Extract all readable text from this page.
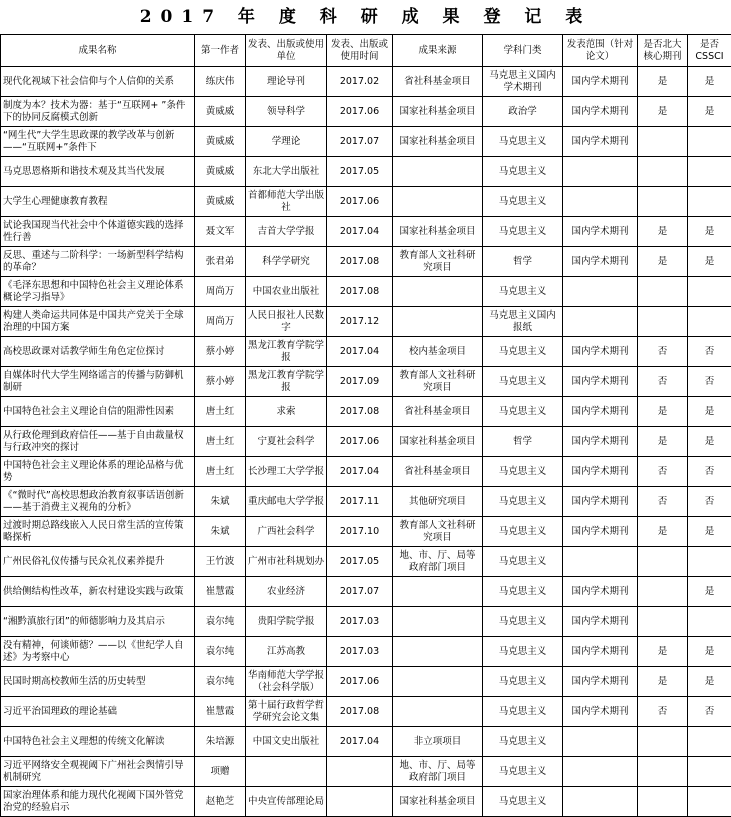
2017 年 度 科 研 成 果 登 记 表
成果名称	第一作者	发表、出版或使用单位	发表、出版或使用时间	成果来源	学科门类	发表范围（针对论文）	是否北大核心期刊	是否CSSCI
现代化视域下社会信仰与个人信仰的关系	练庆伟	理论导刊	2017.02	省社科基金项目	马克思主义国内学术期刊	国内学术期刊	是	是
制度为本？技术为器：基于“互联网+ ”条件下的协同反腐模式创新	黄威威	领导科学	2017.06	国家社科基金项目	政治学	国内学术期刊	是	是
“网生代”大学生思政课的教学改革与创新——“互联网+”条件下	黄威威	学理论	2017.07	国家社科基金项目	马克思主义	国内学术期刊		
马克思恩格斯和谐技术观及其当代发展	黄威威	东北大学出版社	2017.05		马克思主义			
大学生心理健康教育教程	黄威威	首都师范大学出版社	2017.06		马克思主义			
试论我国现当代社会中个体道德实践的选择性行善	聂文军	吉首大学学报	2017.04	国家社科基金项目	马克思主义	国内学术期刊	是	是
反思、重述与二阶科学：一场新型科学结构的革命？	张君弟	科学学研究	2017.08	教育部人文社科研究项目	哲学	国内学术期刊	是	是
《毛泽东思想和中国特色社会主义理论体系概论学习指导》	周尚万	中国农业出版社	2017.08		马克思主义			
构建人类命运共同体是中国共产党关于全球治理的中国方案	周尚万	人民日报社人民数字	2017.12		马克思主义国内报纸			
高校思政课对话教学师生角色定位探讨	蔡小婷	黑龙江教育学院学报	2017.04	校内基金项目	马克思主义	国内学术期刊	否	否
自媒体时代大学生网络谣言的传播与防御机制研	蔡小婷	黑龙江教育学院学报	2017.09	教育部人文社科研究项目	马克思主义	国内学术期刊	否	否
中国特色社会主义理论自信的阻滞性因素	唐土红	求索	2017.08	省社科基金项目	马克思主义	国内学术期刊	是	是
从行政伦理到政府信任——基于自由裁量权与行政冲突的探讨	唐土红	宁夏社会科学	2017.06	国家社科基金项目	哲学	国内学术期刊	是	是
中国特色社会主义理论体系的理论品格与优势	唐土红	长沙理工大学学报	2017.04	省社科基金项目	马克思主义	国内学术期刊	否	否
《“微时代”高校思想政治教育叙事话语创新——基于消费主义视角的分析》	朱斌	重庆邮电大学学报	2017.11	其他研究项目	马克思主义	国内学术期刊	否	否
过渡时期总路线嵌入人民日常生活的宣传策略探析	朱斌	广西社会科学	2017.10	教育部人文社科研究项目	马克思主义	国内学术期刊	是	是
广州民俗礼仪传播与民众礼仪素养提升	王竹波	广州市社科规划办	2017.05	地、市、厅、局等政府部门项目	马克思主义			
供给侧结构性改革，新农村建设实践与政策	崔慧霞	农业经济	2017.07		马克思主义	国内学术期刊		是
“湘黔滇旅行团”的师德影响力及其启示	袁尔纯	贵阳学院学报	2017.03		马克思主义	国内学术期刊		
没有精神，何谈师德？——以《世纪学人自述》为考察中心	袁尔纯	江苏高教	2017.03		马克思主义	国内学术期刊	是	是
民国时期高校教师生活的历史转型	袁尔纯	华南师范大学学报（社会科学版）	2017.06		马克思主义	国内学术期刊	是	是
习近平治国理政的理论基础	崔慧霞	第十届行政哲学哲学研究会论文集	2017.08		马克思主义	国内学术期刊	否	否
中国特色社会主义理想的传统文化解读	朱培源	中国文史出版社	2017.04	非立项项目	马克思主义			
习近平网络安全观视阈下广州社会舆情引导机制研究	项赠			地、市、厅、局等政府部门项目	马克思主义			
国家治理体系和能力现代化视阈下国外管党治党的经验启示	赵艳芝	中央宣传部理论局		国家社科基金项目	马克思主义			
